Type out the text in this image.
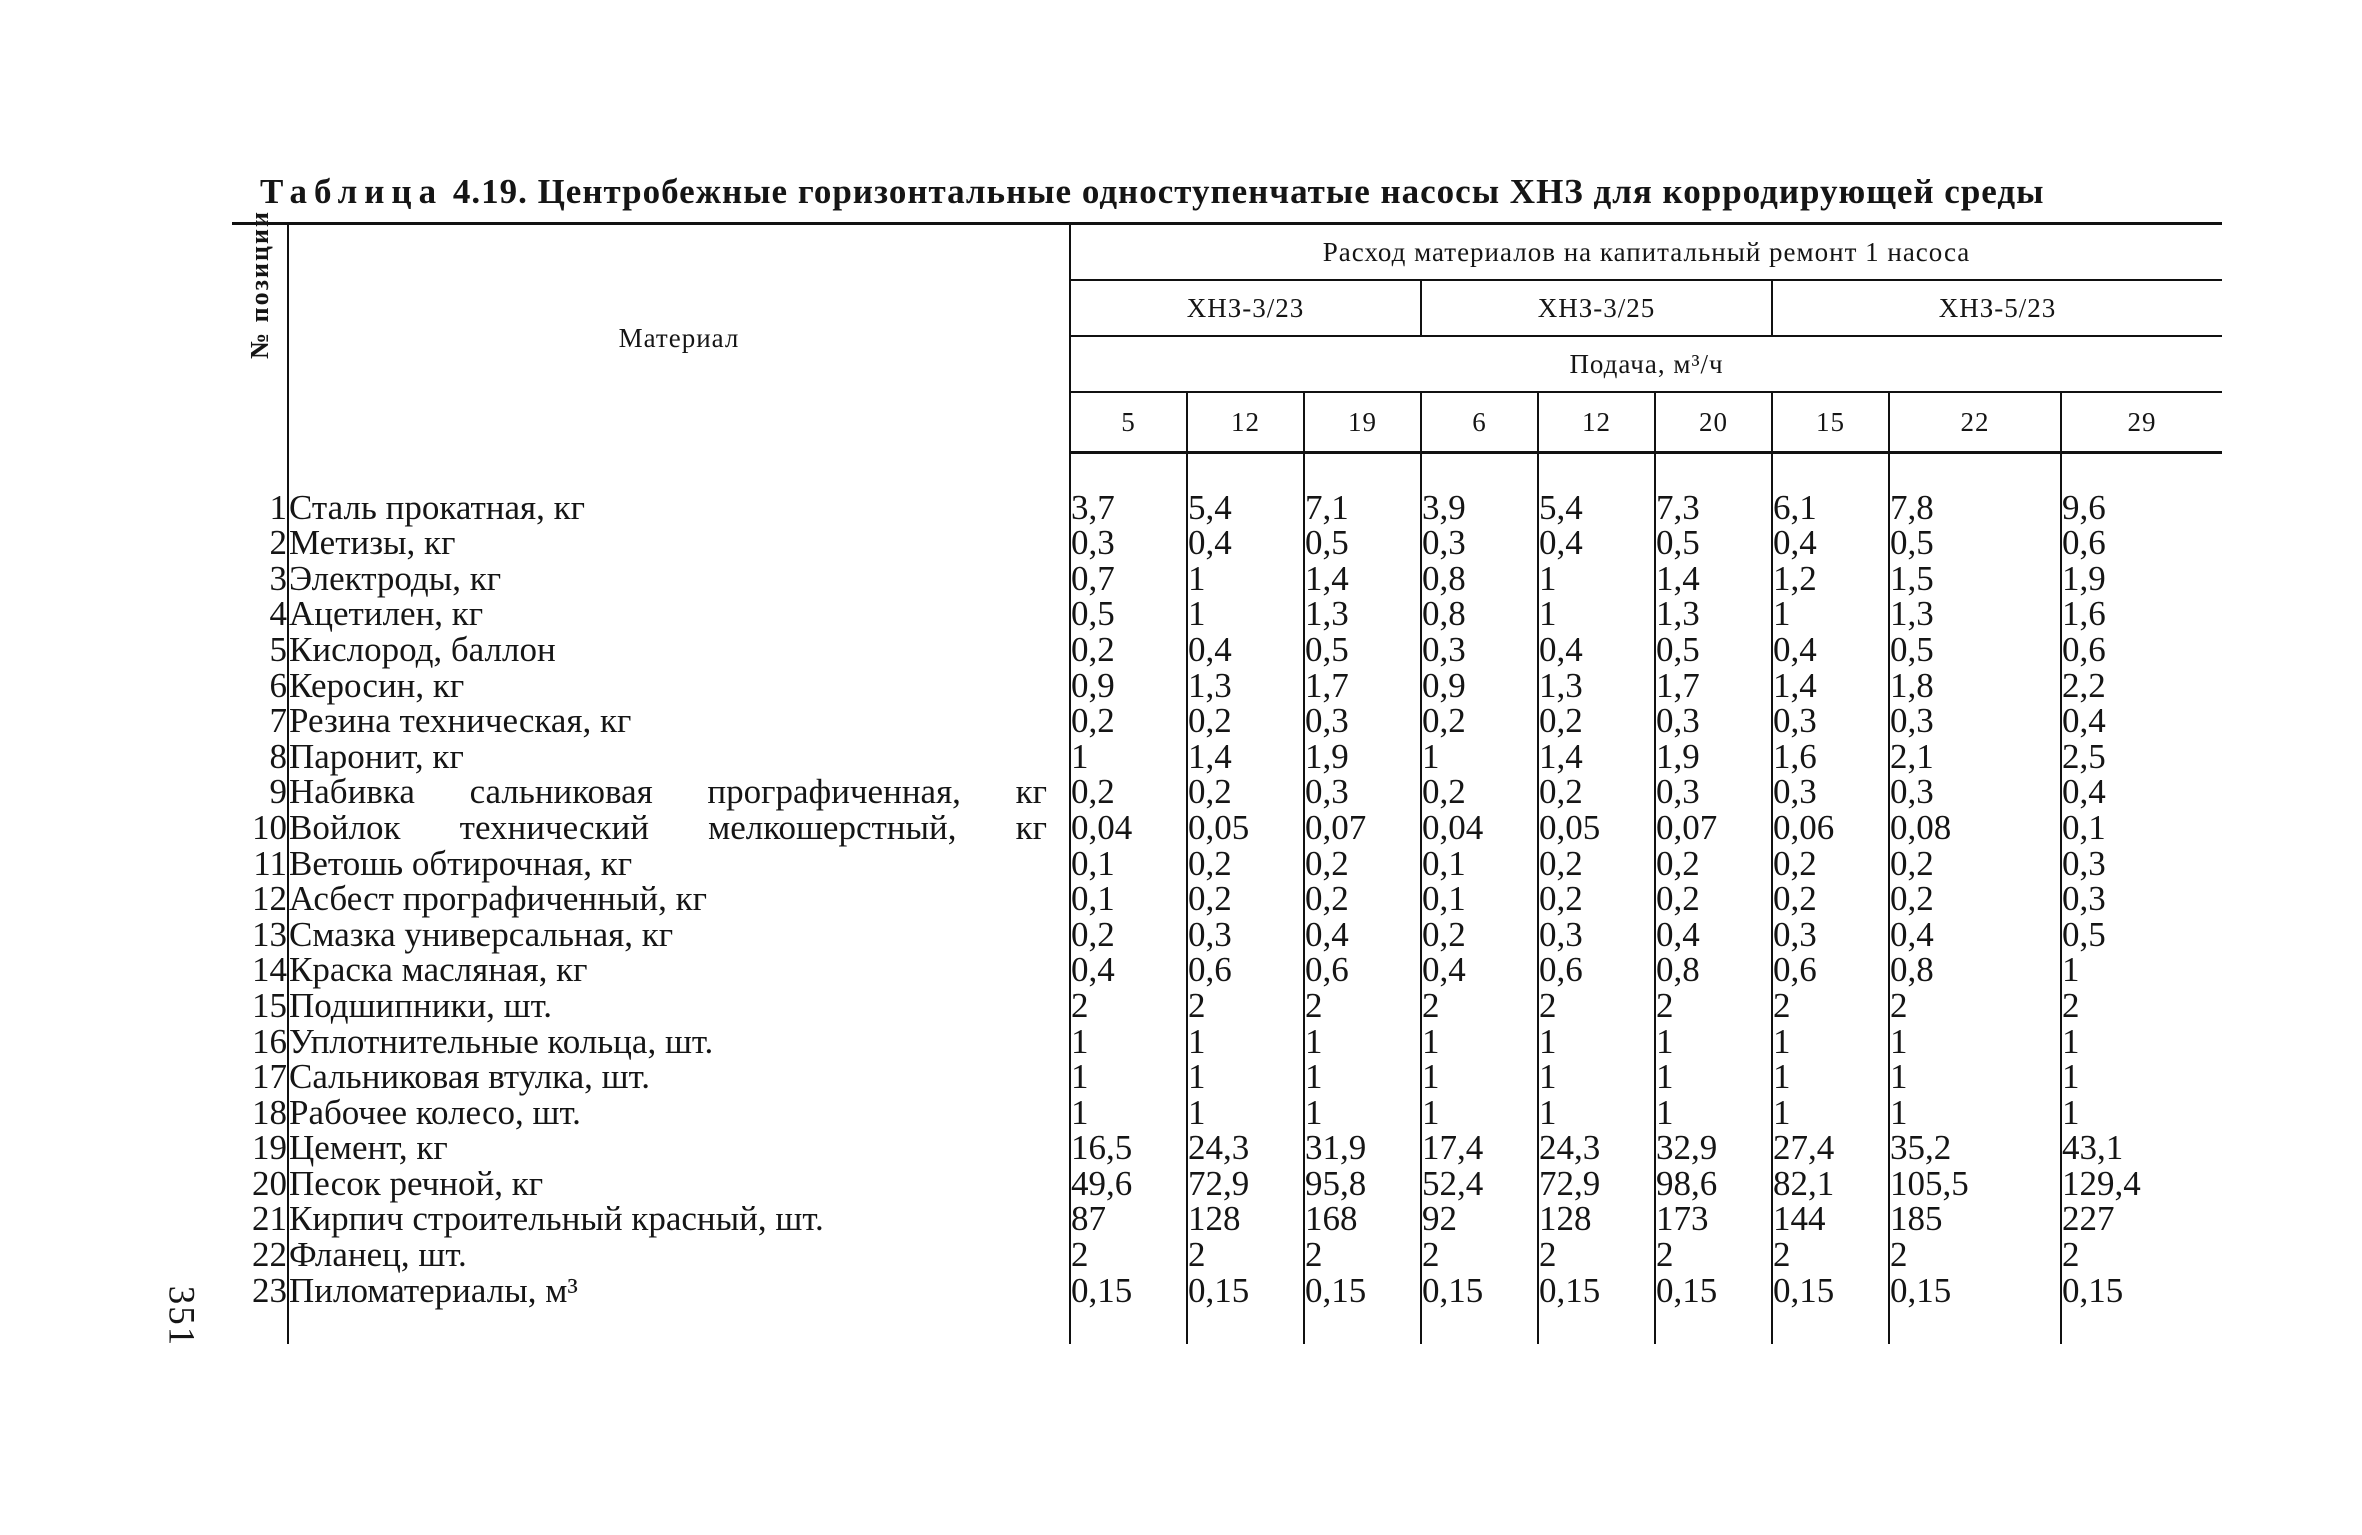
Таблица 4.19. Центробежные горизонтальные одноступенчатые насосы ХНЗ для корродирующей среды
№ позиции	Материал	Расход материалов на капитальный ремонт 1 насоса								
		ХНЗ-3/23			ХНЗ-3/25			ХНЗ-5/23		
		Подача, м³/ч								
		5	12	19	6	12	20	15	22	29

1	Сталь прокатная, кг	3,7	5,4	7,1	3,9	5,4	7,3	6,1	7,8	9,6
2	Метизы, кг	0,3	0,4	0,5	0,3	0,4	0,5	0,4	0,5	0,6
3	Электроды, кг	0,7	1	1,4	0,8	1	1,4	1,2	1,5	1,9
4	Ацетилен, кг	0,5	1	1,3	0,8	1	1,3	1	1,3	1,6
5	Кислород, баллон	0,2	0,4	0,5	0,3	0,4	0,5	0,4	0,5	0,6
6	Керосин, кг	0,9	1,3	1,7	0,9	1,3	1,7	1,4	1,8	2,2
7	Резина техническая, кг	0,2	0,2	0,3	0,2	0,2	0,3	0,3	0,3	0,4
8	Паронит, кг	1	1,4	1,9	1	1,4	1,9	1,6	2,1	2,5
9	Набивка сальниковая прографиченная, кг	0,2	0,2	0,3	0,2	0,2	0,3	0,3	0,3	0,4
10	Войлок технический мелкошерстный, кг	0,04	0,05	0,07	0,04	0,05	0,07	0,06	0,08	0,1
11	Ветошь обтирочная, кг	0,1	0,2	0,2	0,1	0,2	0,2	0,2	0,2	0,3
12	Асбест прографиченный, кг	0,1	0,2	0,2	0,1	0,2	0,2	0,2	0,2	0,3
13	Смазка универсальная, кг	0,2	0,3	0,4	0,2	0,3	0,4	0,3	0,4	0,5
14	Краска масляная, кг	0,4	0,6	0,6	0,4	0,6	0,8	0,6	0,8	1
15	Подшипники, шт.	2	2	2	2	2	2	2	2	2
16	Уплотнительные кольца, шт.	1	1	1	1	1	1	1	1	1
17	Сальниковая втулка, шт.	1	1	1	1	1	1	1	1	1
18	Рабочее колесо, шт.	1	1	1	1	1	1	1	1	1
19	Цемент, кг	16,5	24,3	31,9	17,4	24,3	32,9	27,4	35,2	43,1
20	Песок речной, кг	49,6	72,9	95,8	52,4	72,9	98,6	82,1	105,5	129,4
21	Кирпич строительный красный, шт.	87	128	168	92	128	173	144	185	227
22	Фланец, шт.	2	2	2	2	2	2	2	2	2
23	Пиломатериалы, м³	0,15	0,15	0,15	0,15	0,15	0,15	0,15	0,15	0,15

351
